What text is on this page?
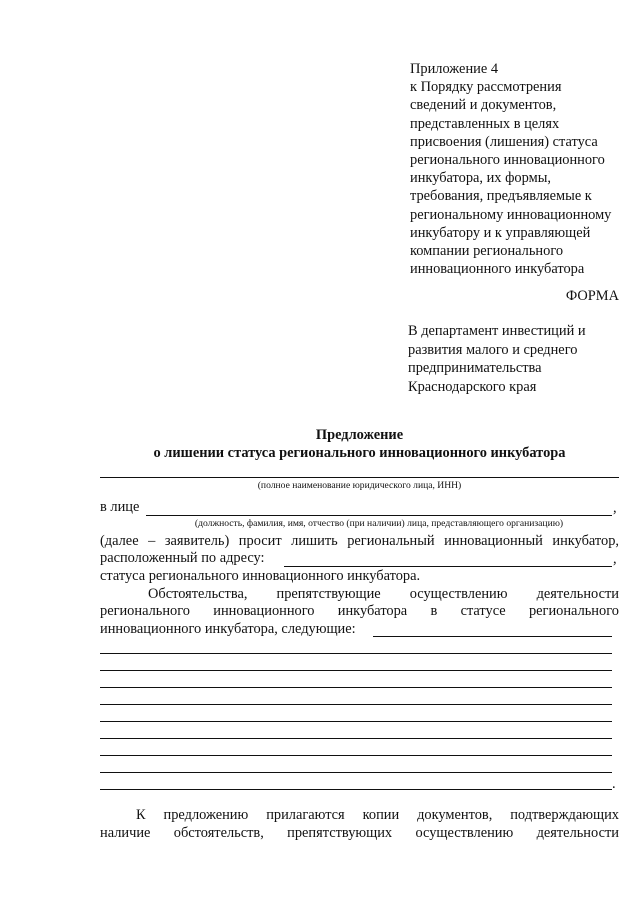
Приложение 4
к Порядку рассмотрения
сведений и документов,
представленных в целях
присвоения (лишения) статуса
регионального инновационного
инкубатора, их формы,
требования, предъявляемые к
региональному инновационному
инкубатору и к управляющей
компании регионального
инновационного инкубатора
ФОРМА
В департамент инвестиций и
развития малого и среднего
предпринимательства
Краснодарского края
Предложение
о лишении статуса регионального инновационного инкубатора
(полное наименование юридического лица, ИНН)
в лице	,
(должность, фамилия, имя, отчество (при наличии) лица, представляющего организацию)
(далее – заявитель) просит лишить региональный инновационный инкубатор,
расположенный по адресу:	,
статуса регионального инновационного инкубатора.
Обстоятельства, препятствующие осуществлению деятельности
регионального инновационного инкубатора в статусе регионального
инновационного инкубатора, следующие:
.
К предложению прилагаются копии документов, подтверждающих
наличие обстоятельств, препятствующих осуществлению деятельности
